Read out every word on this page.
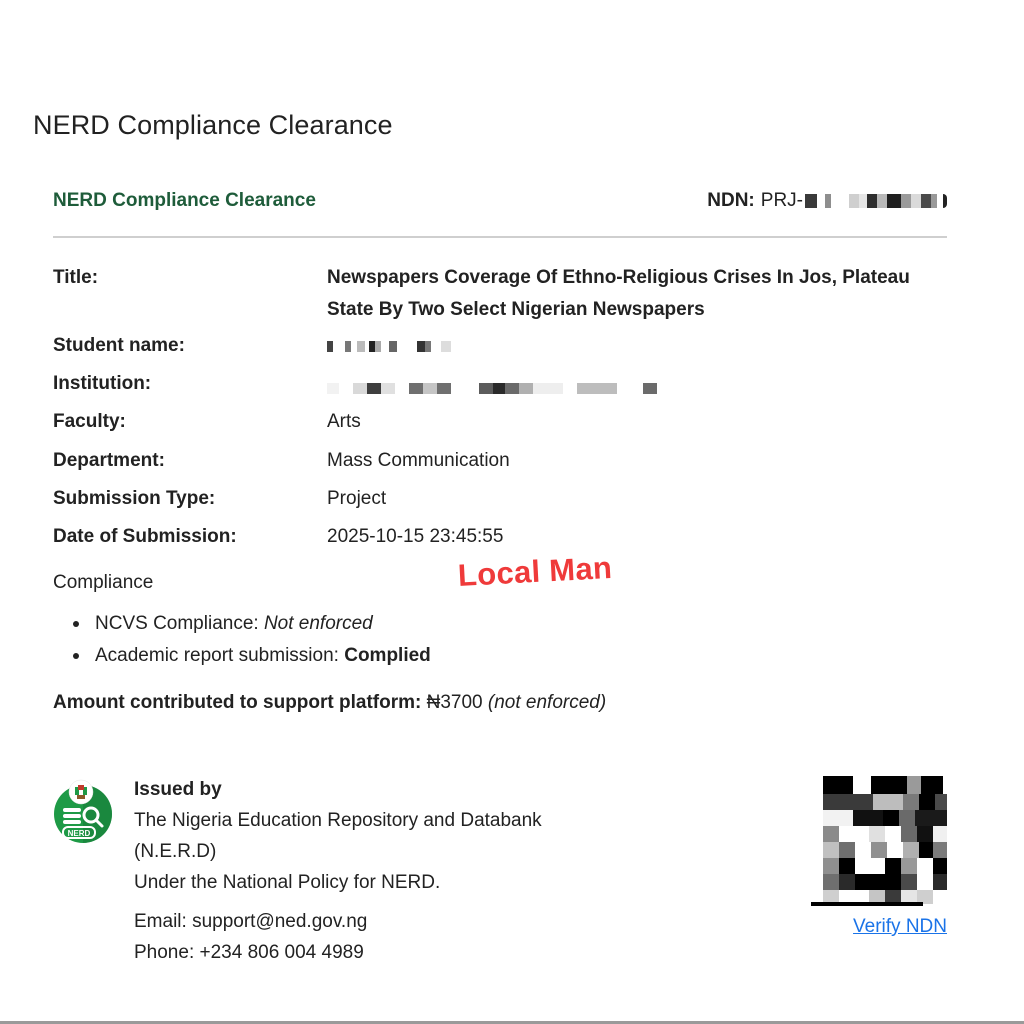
NERD Compliance Clearance
NERD Compliance Clearance	NDN: PRJ-
Title:	Newspapers Coverage Of Ethno-Religious Crises In Jos, Plateau State By Two Select Nigerian Newspapers
Student name:
Institution:
Faculty:	Arts
Department:	Mass Communication
Submission Type:	Project
Date of Submission:	2025-10-15 23:45:55
Compliance
NCVS Compliance: Not enforced
Academic report submission: Complied
Amount contributed to support platform: ₦3700 (not enforced)
Local Man
NERD
Issued by
The Nigeria Education Repository and Databank
(N.E.R.D)
Under the National Policy for NERD.
Email: support@ned.gov.ng
Phone: +234 806 004 4989
Verify NDN
